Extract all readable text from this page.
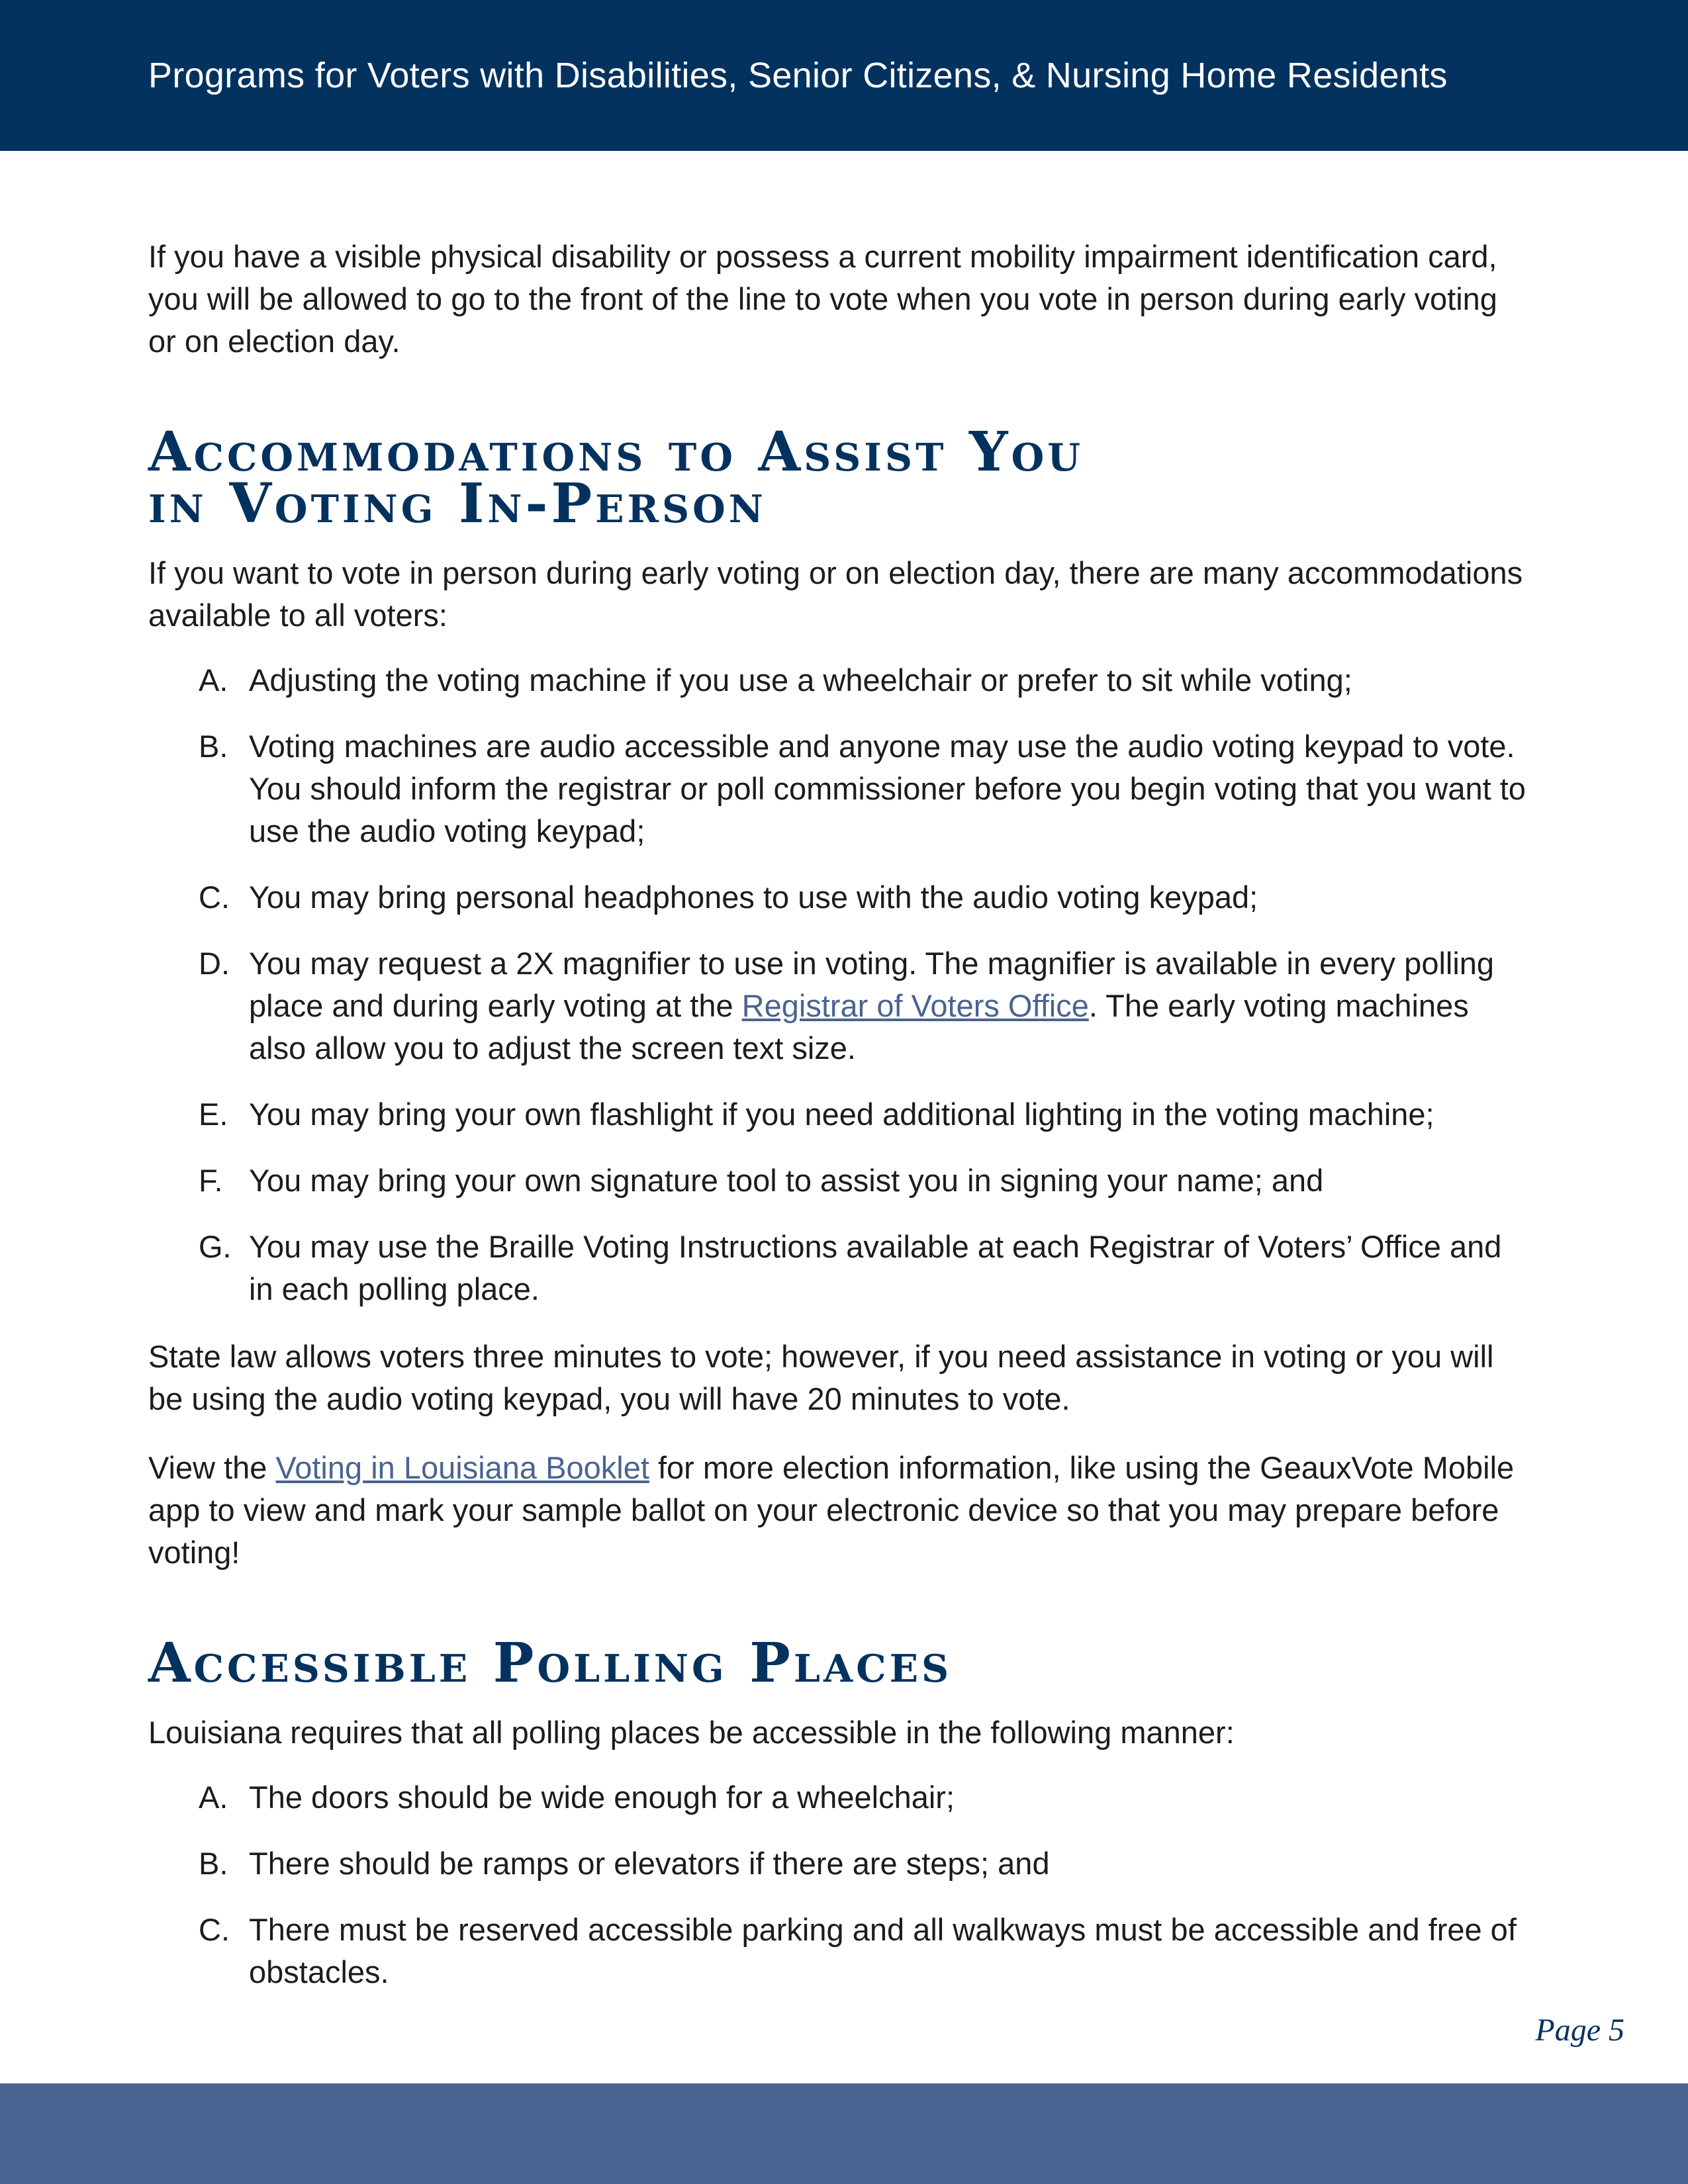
Programs for Voters with Disabilities, Senior Citizens, & Nursing Home Residents

If you have a visible physical disability or possess a current mobility impairment identification card, you will be allowed to go to the front of the line to vote when you vote in person during early voting or on election day.

Accommodations to Assist You
in Voting In-Person

If you want to vote in person during early voting or on election day, there are many accommodations available to all voters:

A. Adjusting the voting machine if you use a wheelchair or prefer to sit while voting;
B. Voting machines are audio accessible and anyone may use the audio voting keypad to vote. You should inform the registrar or poll commissioner before you begin voting that you want to use the audio voting keypad;
C. You may bring personal headphones to use with the audio voting keypad;
D. You may request a 2X magnifier to use in voting. The magnifier is available in every polling place and during early voting at the Registrar of Voters Office. The early voting machines also allow you to adjust the screen text size.
E. You may bring your own flashlight if you need additional lighting in the voting machine;
F. You may bring your own signature tool to assist you in signing your name; and
G. You may use the Braille Voting Instructions available at each Registrar of Voters’ Office and in each polling place.

State law allows voters three minutes to vote; however, if you need assistance in voting or you will be using the audio voting keypad, you will have 20 minutes to vote.

View the Voting in Louisiana Booklet for more election information, like using the GeauxVote Mobile app to view and mark your sample ballot on your electronic device so that you may prepare before voting!

Accessible Polling Places

Louisiana requires that all polling places be accessible in the following manner:

A. The doors should be wide enough for a wheelchair;
B. There should be ramps or elevators if there are steps; and
C. There must be reserved accessible parking and all walkways must be accessible and free of obstacles.
Page 5
